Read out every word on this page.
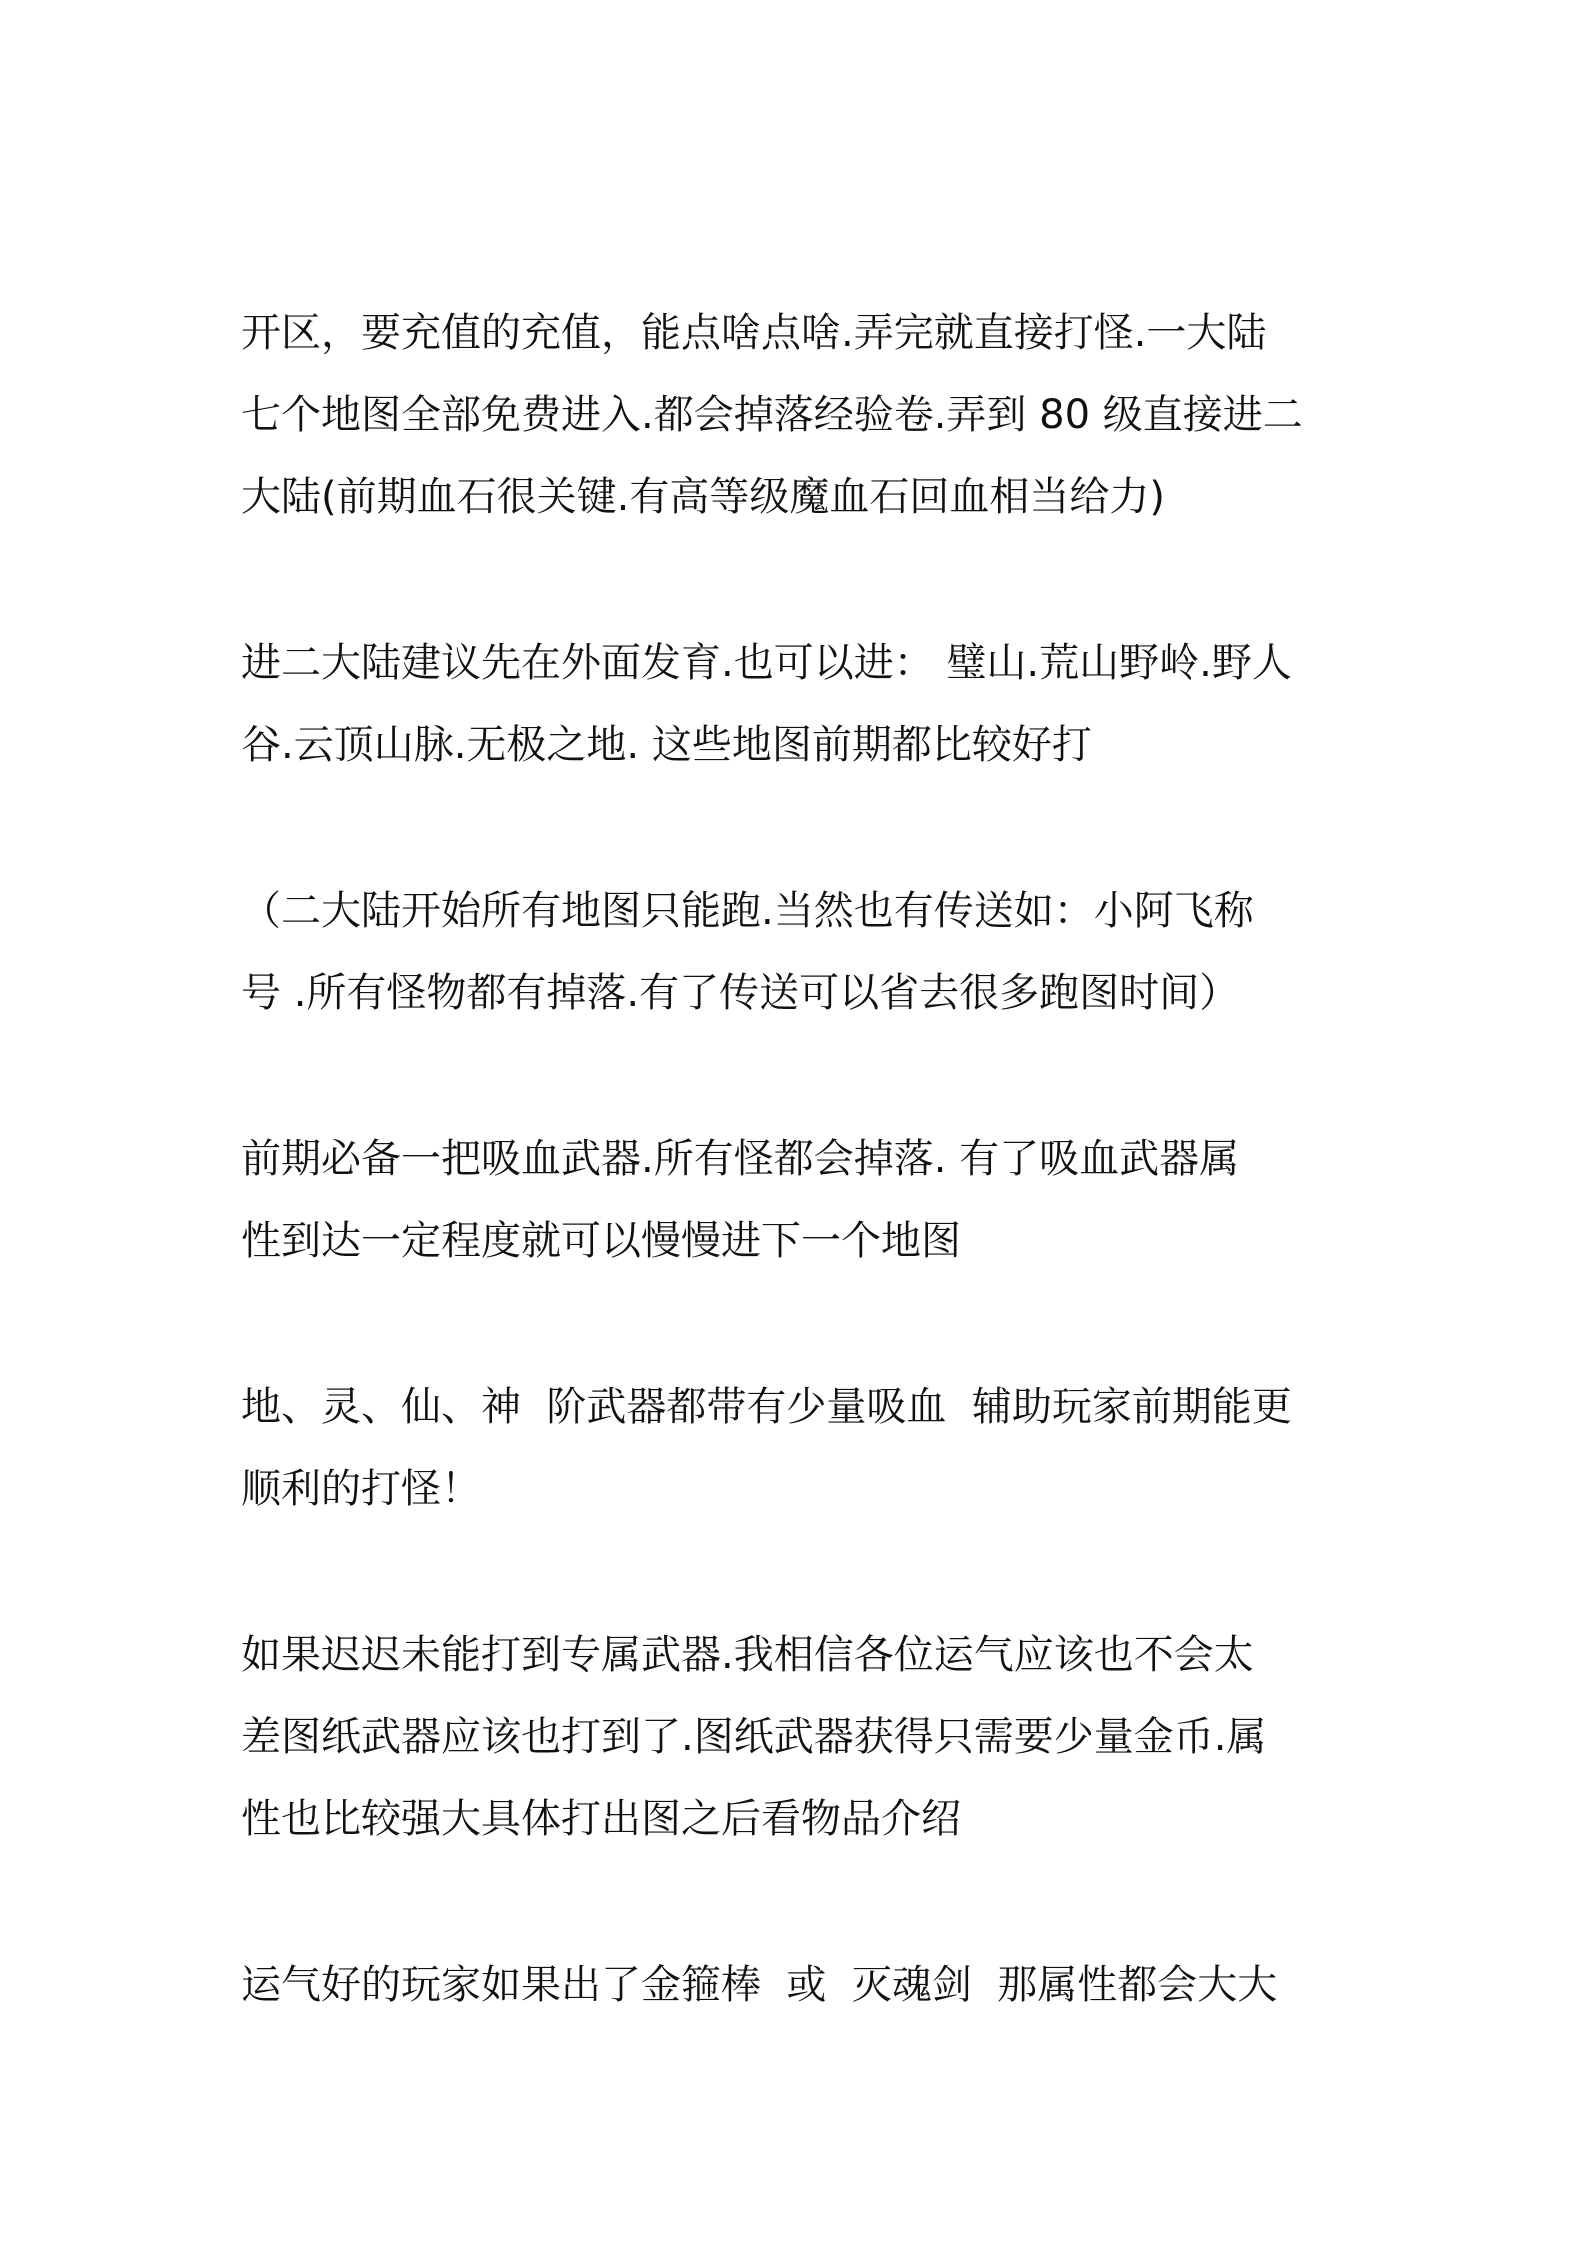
开区，要充值的充值，能点啥点啥.弄完就直接打怪.一大陆
七个地图全部免费进入.都会掉落经验卷.弄到 80 级直接进二
大陆(前期血石很关键.有高等级魔血石回血相当给力)
进二大陆建议先在外面发育.也可以进： 璧山.荒山野岭.野人
谷.云顶山脉.无极之地. 这些地图前期都比较好打
（二大陆开始所有地图只能跑.当然也有传送如：小阿飞称
号 .所有怪物都有掉落.有了传送可以省去很多跑图时间）
前期必备一把吸血武器.所有怪都会掉落. 有了吸血武器属
性到达一定程度就可以慢慢进下一个地图
地、灵、仙、神  阶武器都带有少量吸血  辅助玩家前期能更
顺利的打怪！
如果迟迟未能打到专属武器.我相信各位运气应该也不会太
差图纸武器应该也打到了.图纸武器获得只需要少量金币.属
性也比较强大具体打出图之后看物品介绍
运气好的玩家如果出了金箍棒  或  灭魂剑  那属性都会大大
